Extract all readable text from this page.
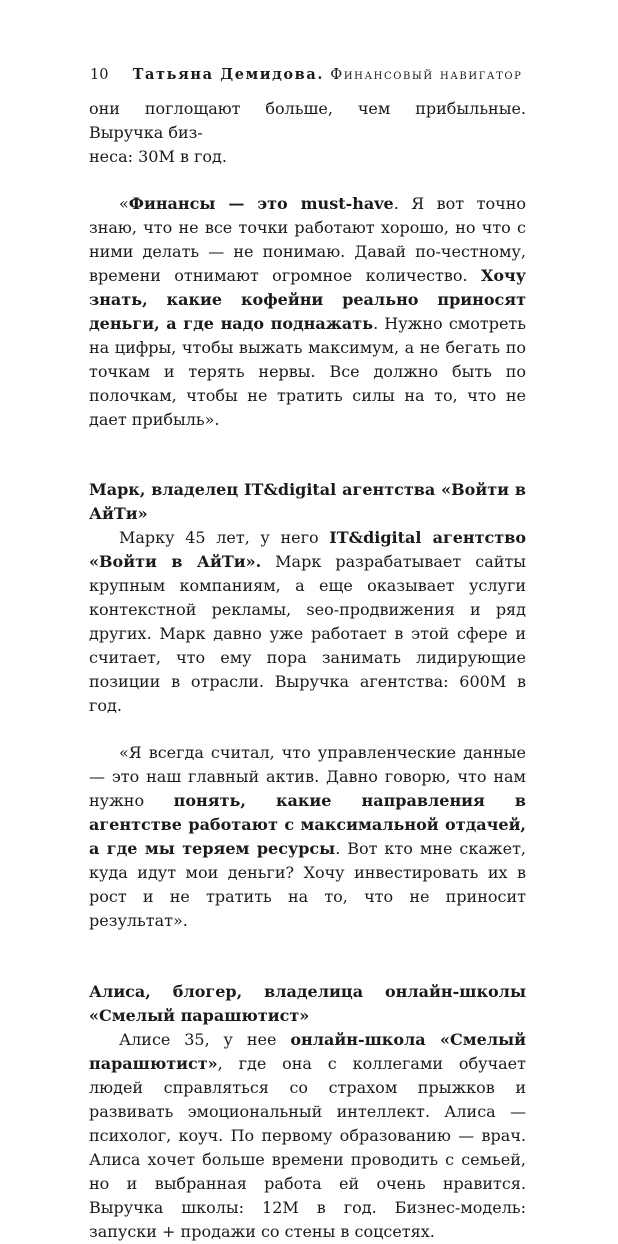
10 Татьяна Демидова. Финансовый навигатор

они поглощают больше, чем прибыльные. Выручка биз-
неса: 30М в год.

«Финансы — это must-have. Я вот точно знаю, что не все точки работают хорошо, но что с ними делать — не понимаю. Давай по-честному, времени отнимают огромное количество. Хочу знать, какие кофейни реально приносят деньги, а где надо поднажать. Нужно смотреть на цифры, чтобы выжать максимум, а не бегать по точкам и терять нервы. Все должно быть по полочкам, чтобы не тратить силы на то, что не дает прибыль».

Марк, владелец IT&digital агентства «Войти в АйТи»

Марку 45 лет, у него IT&digital агентство «Войти в АйТи». Марк разрабатывает сайты крупным компаниям, а еще оказывает услуги контекстной рекламы, seo-продвижения и ряд других. Марк давно уже работает в этой сфере и считает, что ему пора занимать лидирующие позиции в отрасли. Выручка агентства: 600М в год.

«Я всегда считал, что управленческие данные — это наш главный актив. Давно говорю, что нам нужно понять, какие направления в агентстве работают с максимальной отдачей, а где мы теряем ресурсы. Вот кто мне скажет, куда идут мои деньги? Хочу инвестировать их в рост и не тратить на то, что не приносит результат».

Алиса, блогер, владелица онлайн-школы «Смелый парашютист»

Алисе 35, у нее онлайн-школа «Смелый парашютист», где она с коллегами обучает людей справляться со страхом прыжков и развивать эмоциональный интеллект. Алиса — психолог, коуч. По первому образованию — врач. Алиса хочет больше времени проводить с семьей, но и выбранная работа ей очень нравится. Выручка школы: 12М в год. Бизнес-модель: запуски + продажи со стены в соцсетях.
